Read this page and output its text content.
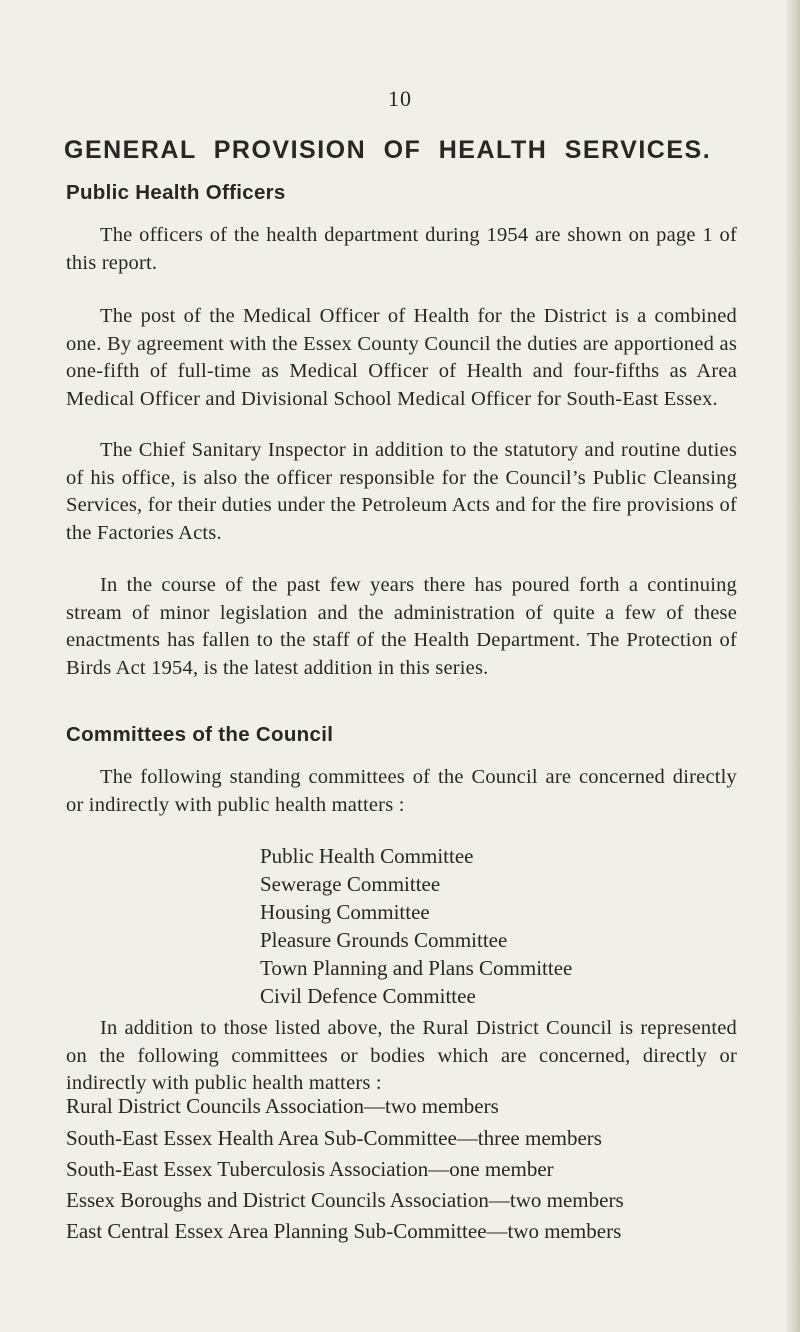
10
GENERAL PROVISION OF HEALTH SERVICES.
Public Health Officers

The officers of the health department during 1954 are shown on page 1 of this report.

The post of the Medical Officer of Health for the District is a combined one. By agreement with the Essex County Council the duties are apportioned as one-fifth of full-time as Medical Officer of Health and four-fifths as Area Medical Officer and Divisional School Medical Officer for South-East Essex.

The Chief Sanitary Inspector in addition to the statutory and routine duties of his office, is also the officer responsible for the Council’s Public Cleansing Services, for their duties under the Petroleum Acts and for the fire provisions of the Factories Acts.

In the course of the past few years there has poured forth a continuing stream of minor legislation and the administration of quite a few of these enactments has fallen to the staff of the Health Department. The Protection of Birds Act 1954, is the latest addition in this series.

Committees of the Council

The following standing committees of the Council are concerned directly or indirectly with public health matters :

Public Health Committee
Sewerage Committee
Housing Committee
Pleasure Grounds Committee
Town Planning and Plans Committee
Civil Defence Committee

In addition to those listed above, the Rural District Council is represented on the following committees or bodies which are concerned, directly or indirectly with public health matters :

Rural District Councils Association—two members
South-East Essex Health Area Sub-Committee—three members
South-East Essex Tuberculosis Association—one member
Essex Boroughs and District Councils Association—two members
East Central Essex Area Planning Sub-Committee—two members
